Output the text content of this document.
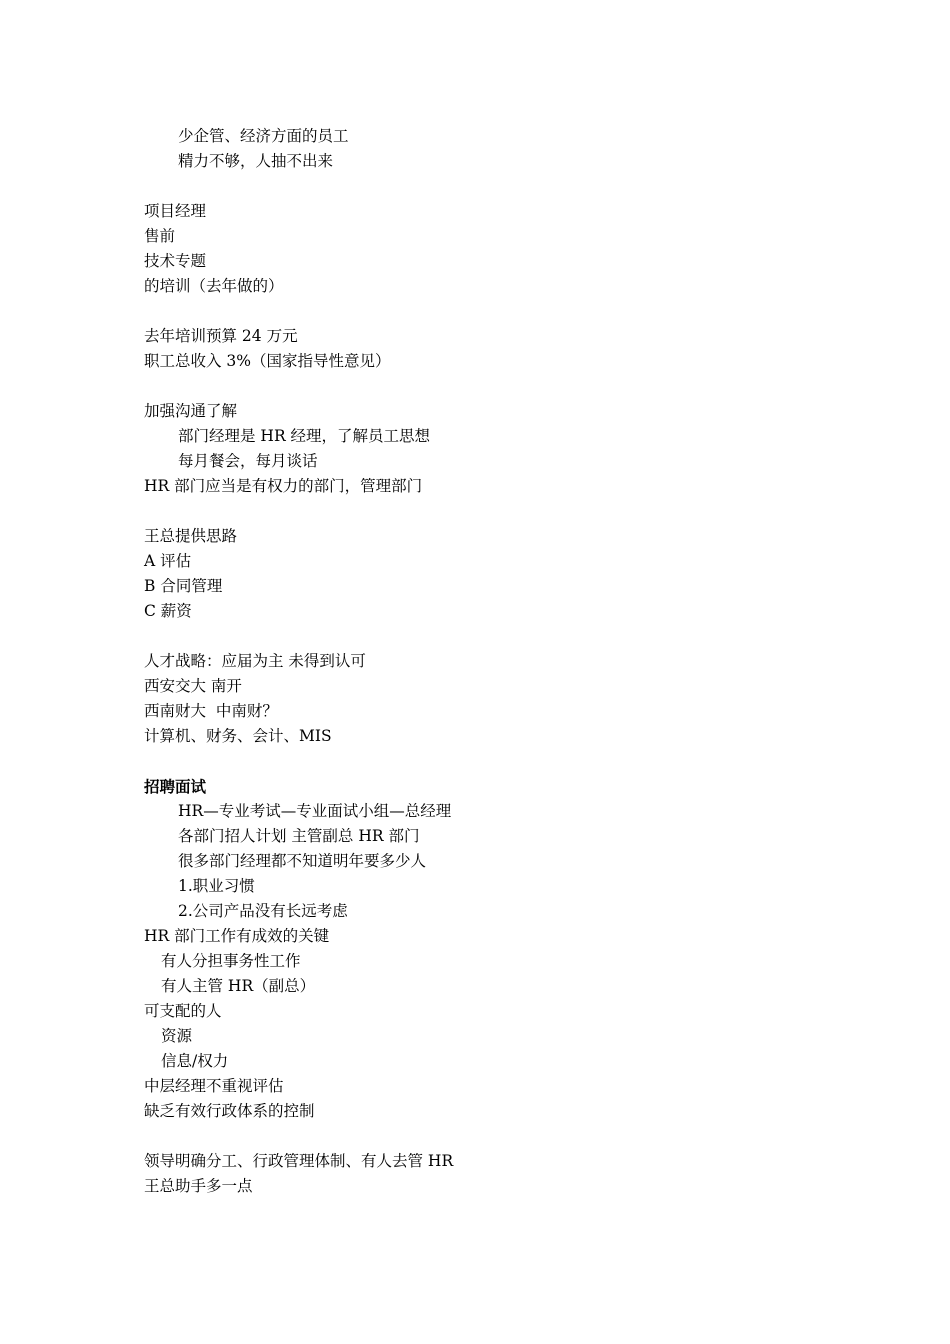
少企管、经济方面的员工
精力不够，人抽不出来
项目经理
售前
技术专题
的培训（去年做的）
去年培训预算 24 万元
职工总收入 3%（国家指导性意见）
加强沟通了解
部门经理是 HR 经理，了解员工思想
每月餐会，每月谈话
HR 部门应当是有权力的部门，管理部门
王总提供思路
A 评估
B 合同管理
C 薪资
人才战略：应届为主 未得到认可
西安交大 南开
西南财大  中南财？
计算机、财务、会计、MIS
招聘面试
HR—专业考试—专业面试小组—总经理
各部门招人计划 主管副总 HR 部门
很多部门经理都不知道明年要多少人
1.职业习惯
2.公司产品没有长远考虑
HR 部门工作有成效的关键
有人分担事务性工作
有人主管 HR（副总）
可支配的人
资源
信息/权力
中层经理不重视评估
缺乏有效行政体系的控制
领导明确分工、行政管理体制、有人去管 HR
王总助手多一点
